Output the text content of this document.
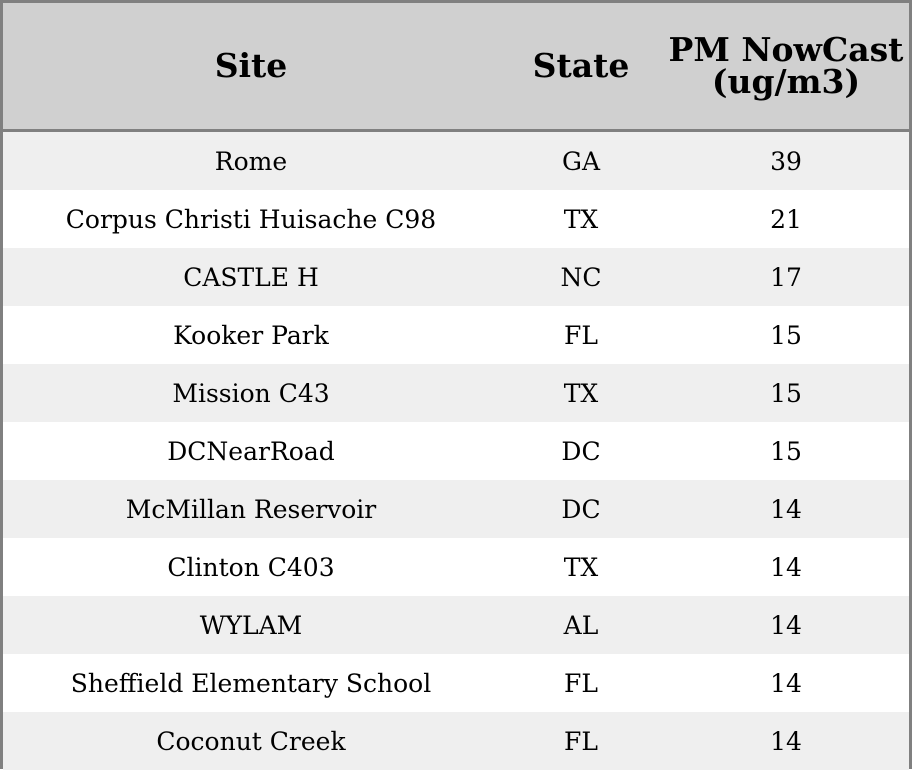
Site	State	PM NowCast (ug/m3)
Rome	GA	39
Corpus Christi Huisache C98	TX	21
CASTLE H	NC	17
Kooker Park	FL	15
Mission C43	TX	15
DCNearRoad	DC	15
McMillan Reservoir	DC	14
Clinton C403	TX	14
WYLAM	AL	14
Sheffield Elementary School	FL	14
Coconut Creek	FL	14
